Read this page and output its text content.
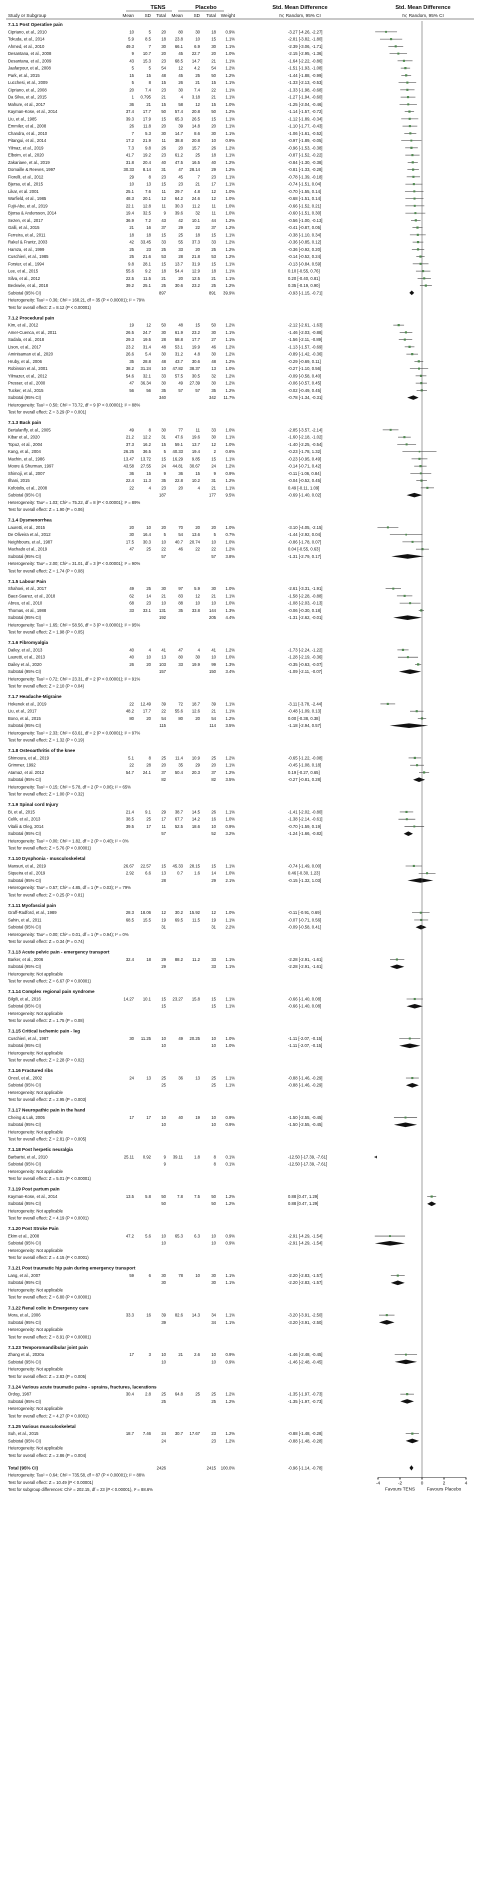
TENS	Placebo	Std. Mean Difference	Std. Mean Difference
Study or Subgroup	Mean SD Total Mean SD Total Weight	IV, Random, 95% CI	IV, Random, 95% CI
7.1.1 Post Operative pain
Cipriano, et al., 2010	10	5 20	80	30	18 0.9%	-3.27 [-4.26, -2.27]
Tokuda, et al., 2014	5.9	8.5 18 23.8	10	15 1.1%	-2.81 [-3.82, -1.80]
Ahmed, et al., 2010	49.3	7 30 66.1	6.9	30 1.1%	-2.39 [-3.06, -1.71]
Desantana, et al., 2008	9 10.7 20	45 22.7	20 1.0%	-2.15 [-2.95, -1.36]
Desantana, et al., 2009	43 15.3 23 68.5 14.7	21 1.1%	-1.64 [-2.22, -0.86]
Jaafarpour, et al., 2008	5	5 54	12	4.2	54 1.2%	-1.51 [-1.93, -1.08]
Park, et al., 2015	15	15 48	45	25	50 1.2%	-1.44 [-1.88, -0.99]
Lucchesi, et al., 2009	5	8 15	26	21	15 1.1%	-1.33 [-2.13, -0.53]
Cipriano, et al., 2008	20	7.4 23	30	7.4	22 1.1%	-1.33 [-1.98, -0.68]
Da Silva, et al., 2015	1 0.795 21	4 3.18	21 1.1%	-1.27 [-1.94, -0.60]
Mahure, et al., 2017	36	21 15	58	12	15 1.0%	-1.25 [-2.04, -0.46]
Kayman-Kose, et al., 2014	37.4 17.7 50 57.4 20.8	50 1.2%	-1.14 [-1.57, -0.72]
Liu, et al., 1985	39.3 17.9 15 65.3 26.5	15 1.1%	-1.12 [-1.89, -0.34]
Emmiler, et al., 2008	26 11.8 20	39 14.8	20 1.1%	-1.10 [-1.77, -0.43]
Chandra, et al., 2010	7	5.3 30 14.7	8.6	30 1.1%	-1.06 [-1.61, -0.52]
Pitangui, et al., 2014	17.2 21.9	11 38.8 20.8	10 0.9%	-0.97 [-1.89, -0.05]
Yilmaz, et al., 2019	7.3	9.8 26	20 15.7	26 1.2%	-0.96 [-1.53, -0.38]
Elboim, et al., 2020	41.7 19.2 23 61.2	25	18 1.1%	-0.87 [-1.52, -0.22]
Zakariaee, et al., 2019	31.8 20.4 40 47.5 16.5	40 1.2%	-0.84 [-1.30, -0.38]
Domaille & Reeves, 1997	30.33 8.14 31	47 28.14	29 1.2%	-0.81 [-1.33, -0.28]
Fiorelli, et al., 2012	29	8 23	45	7	23 1.1%	-0.78 [-1.39, -0.18]
Bjersa, et al., 2015	10	13 15	23	21	17 1.1%	-0.74 [-1.51, 0.04]
Likar, et al. 2001	25.1	7.6	11 29.7	4.8	12 1.0%	-0.70 [-1.55, 0.14]
Warfield, et al., 1985	48.3 20.1 12 64.2 24.6	12 1.0%	-0.68 [-1.51, 0.14]
Fujii-Abe, et al., 2019	22.1 12.8	11 30.3 11.2	11 1.0%	-0.66 [-1.52, 0.21]
Bjorsa & Andersson, 2014	19.4 32.5	9 39.6	32	11 1.0%	-0.60 [-1.51, 0.30]
Sezen, et al., 2017	36.9	7.2 43	42 10.1	44 1.2%	-0.56 [-1.00, -0.13]
Galli, et al., 2015	21	16 37	29	22	37 1.2%	-0.41 [-0.87, 0.05]
Ferreira, et al., 2011	18	18 15	25	18	15 1.1%	-0.38 [-1.10, 0.34]
Rakel & Frantz, 2003	42 33.45 33	55 37.3	33 1.2%	-0.36 [-0.85, 0.12]
Hamza, et al., 1999	25	23 25	33	20	25 1.2%	-0.36 [-0.92, 0.20]
Cuschieri, et al., 1985	25 21.6 53	28 21.8	53 1.2%	-0.14 [-0.52, 0.24]
Forster, et al., 1994	9.8 28.1 15 13.7 31.9	15 1.1%	-0.13 [-0.84, 0.59]
Lee, et al., 2015	55.6	9.2 18 54.4 12.9	18 1.1%	0.10 [-0.55, 0.76]
Silva, et al., 2012	22.5 11.5 21	20 12.5	21 1.1%	0.20 [-0.40, 0.81]
Beckwée, et al., 2018	39.2 25.1 25 30.6 23.2	25 1.2%	0.35 [-0.19, 0.90]
Subtotal (95% CI)	897	891 39.9%	-0.93 [-1.15, -0.71]
Heterogeneity: Tau² = 0.36; Chi² = 168.21, df = 35 (P < 0.00001); I² = 79%
Test for overall effect: Z = 8.12 (P < 0.00001)
7.1.2 Procedural pain
Kim, et al., 2012	19	12 50	48	15	50 1.2%	-2.12 [-2.61, -1.63]
Amer-Cuenca, et al., 2011	26.5 24.7 30 61.9 23.2	30 1.1%	-1.46 [-2.03, -0.88]
Sadala, et al., 2018	29.3 19.5 28 58.8 17.7	27 1.1%	-1.56 [-2.11, -0.89]
Lison, et al., 2017	23.2 31.4 48 53.1 19.9	46 1.2%	-1.13 [-1.57, -0.69]
Aminisaman et al., 2020	26.6	5.4 30 31.2	4.8	30 1.2%	-0.89 [-1.42, -0.36]
Hruby, et al., 2006	35 28.8 48 43.7 30.6	48 1.2%	-0.29 [-0.69, 0.11]
Robinson et al., 2001	38.2 31.24 10 47.82 38.37	13 1.0%	-0.27 [-1.10, 0.56]
Yilmazer, et al., 2012	54.6 32.1 33 57.5 30.5	32 1.2%	-0.09 [-0.58, 0.40]
Presser, et al., 2000	47 36.34 30	49 27.39	30 1.2%	-0.06 [-0.57, 0.45]
Tucker, et al., 2015	56	56 35	57	57	35 1.2%	-0.02 [-0.49, 0.45]
Subtotal (95% CI)	340	342 11.7%	-0.78 [-1.34, -0.31]
Heterogeneity: Tau² = 0.50; Chi² = 73.72, df = 9 (P < 0.00001); I² = 88%
Test for overall effect: Z = 3.29 (P = 0.001)
7.1.3 Back pain
Bertalanffy, et al., 2005	49	8 30	77	11	33 1.0%	-2.85 [-3.57, -2.14]
Kibar et al., 2020	21.2 12.2 31 47.6 19.6	30 1.1%	-1.60 [-2.18, -1.02]
Topuz, et al., 2004	37.3 16.2 15 59.1 13.7	12 1.0%	-1.40 [-2.25, -0.54]
Kang, et al., 2004	26.25 36.5	5 40.33 19.4	2 0.6%	-0.23 [-1.78, 1.32]
Machin, et al., 1986	13.47 13.72 15 16.29 9.85	15 1.1%	-0.23 [-0.95, 0.49]
Moore & Shurman, 1997	43.58 27.55 24 44.81 30.67	24 1.2%	-0.14 [-0.71, 0.42]
Shimoji, et al., 2007	36	15	9	36	15	9 0.9%	-0.11 [-1.06, 0.84]
Ilhani, 2015	22.4 11.3 35 22.8 10.2	31 1.2%	-0.04 [-0.52, 0.45]
Kofotolis, et al., 2008	22	4 23	20	4	21 1.1%	0.49 [-0.11, 1.09]
Subtotal (95% CI)	187	177 9.5%	-0.69 [-1.40, 0.02]
Heterogeneity: Tau² = 1.03; Chi² = 75.22, df = 8 (P < 0.00001); I² = 89%
Test for overall effect: Z = 1.90 (P = 0.06)
7.1.4 Dysmenorrhea
Lauretti, et al., 2015	20	10 20	70	20	20 1.0%	-3.10 [-4.05, -2.15]
De Oliveira et al., 2012	30 16.4	5	54 13.6	5 0.7%	-1.44 [-2.92, 0.04]
Neighbours, et al., 1987	17.5 30.3 10 40.7 20.74	10 1.0%	-0.86 [-1.78, 0.07]
Machado et al., 2019	47	25 22	46	22	22 1.2%	0.04 [-0.55, 0.63]
Subtotal (95% CI)	57	57 3.8%	-1.31 [-2.79, 0.17]
Heterogeneity: Tau² = 2.00; Chi² = 31.01, df = 3 (P < 0.00001); I² = 90%
Test for overall effect: Z = 1.74 (P = 0.08)
7.1.5 Labour Pain
Shahoei, et al., 2017	49	25 30	97	5.9	30 1.0%	-2.61 [-3.31, -1.91]
Baez-Suarez, et al., 2018	62	14 21	83	12	21 1.1%	-1.58 [-2.28, -0.88]
Abreu, et al., 2010	68	23 10	88	10	10 1.0%	-1.08 [-2.03, -0.13]
Thomas, et al., 1988	33 33.1 131	35 33.8 144 1.3%	-0.06 [-0.30, 0.18]
Subtotal (95% CI)	192	205 4.4%	-1.31 [-2.62, -0.01]
Heterogeneity: Tau² = 1.65; Chi² = 58.56, df = 3 (P < 0.00001); I² = 95%
Test for overall effect: Z = 1.98 (P = 0.05)
7.1.6 Fibromyalgia
Dailey, et al., 2013	40	4 41	47	4	41 1.2%	-1.73 [-2.24, -1.22]
Lauretti, et al., 2013	40	10 13	80	30	10 1.0%	-1.28 [-2.19, -0.36]
Dailey et al., 2020	26	20 103	33 19.9	99 1.3%	-0.35 [-0.63, -0.07]
Subtotal (95% CI)	157	150 3.4%	-1.09 [-2.11, -0.07]
Heterogeneity: Tau² = 0.72; Chi² = 23.31, df = 2 (P < 0.00001); I² = 91%
Test for overall effect: Z = 2.10 (P = 0.04)
7.1.7 Headache-Migraine
Hokenek et al., 2019	22 12.49 39	72 18.7	39 1.1%	-3.11 [-3.78, -2.44]
Liu, et al., 2017	48.2 17.7 22 55.6 12.6	21 1.1%	-0.48 [-1.09, 0.13]
Bono, et al., 2015	80	20 54	80	20	54 1.2%	0.00 [-0.38, 0.38]
Subtotal (95% CI)	115	114 3.5%	-1.18 [-2.94, 0.57]
Heterogeneity: Tau² = 2.33; Chi² = 63.61, df = 2 (P < 0.00001); I² = 97%
Test for overall effect: Z = 1.32 (P = 0.19)
7.1.8 Osteoarthritis of the knee
Shimoura, et al., 2019	5.1	8 25 11.4 10.9	25 1.2%	-0.65 [-1.22, -0.08]
Grimmer, 1992	22	28 20	35	29	20 1.1%	-0.45 [-1.08, 0.18]
Atamaz, et al. 2012	54.7 24.1 37 50.4 20.3	37 1.2%	0.19 [-0.27, 0.65]
Subtotal (95% CI)	82	82 3.5%	-0.27 [-0.81, 0.28]
Heterogeneity: Tau² = 0.15; Chi² = 5.78, df = 2 (P = 0.06); I² = 65%
Test for overall effect: Z = 1.00 (P = 0.32)
7.1.9 Spinal cord Injury
Bi, et al., 2015	21.4	9.1 29 38.7 14.5	26 1.1%	-1.41 [-2.02, -0.80]
Celik, et al., 2013	38.5	25 17 67.7 14.2	16 1.0%	-1.38 [-2.14, -0.61]
Vitalii & Oleg, 2014	39.5	17	11 52.5 18.6	10 0.9%	-0.70 [-1.59, 0.19]
Subtotal (95% CI)	57	52 3.2%	-1.24 [-1.66, -0.82]
Heterogeneity: Tau² = 0.00; Chi² = 1.82, df = 2 (P = 0.40); I² = 0%
Test for overall effect: Z = 5.76 (P < 0.00001)
7.1.10 Dysphonia - musculoskeletal
Mansuri, et al., 2019	26.67 22.57 15 45.33 28.15	15 1.1%	-0.74 [-1.49, 0.00]
Siqueira et al., 2019	2.92	6.6 13	0.7	1.6	14 1.0%	0.46 [-0.30, 1.23]
Subtotal (95% CI)	28	29 2.1%	-0.15 [-1.32, 1.03]
Heterogeneity: Tau² = 0.57; Chi² = 4.85, df = 1 (P = 0.03); I² = 79%
Test for overall effect: Z = 0.25 (P = 0.81)
7.1.11 Myofascial pain
Graff-Radford, et al., 1989	28.3 18.06 12 30.2 15.92	12 1.0%	-0.11 [-0.91, 0.69]
Sahin, et al., 2011	68.5 15.5 19 69.5 11.5	19 1.1%	-0.07 [-0.71, 0.56]
Subtotal (95% CI)	31	31 2.2%	-0.09 [-0.58, 0.41]
Heterogeneity: Tau² = 0.00; Chi² = 0.01, df = 1 (P = 0.94); I² = 0%
Test for overall effect: Z = 0.34 (P = 0.74)
7.1.13 Acute pelvic pain - emergency transport
Barker, et al., 2006	32.4	18 29 88.2 11.2	33 1.1%	-2.28 [-2.91, -1.61]
Subtotal (95% CI)	29	33 1.1%	-2.28 [-2.91, -1.61]
Heterogeneity: Not applicable
Test for overall effect: Z = 6.67 (P < 0.00001)
7.1.14 Complex regional pain syndrome
Bilgili, et al., 2016	14.27 10.1 15 23.27 15.8	15 1.1%	-0.66 [-1.40, 0.08]
Subtotal (95% CI)	15	15 1.1%	-0.66 [-1.40, 0.08]
Heterogeneity: Not applicable
Test for overall effect: Z = 1.75 (P = 0.08)
7.1.15 Critical ischemic pain - leg
Cuschieri, et al., 1987	30 11.25 10	49 20.25	10 1.0%	-1.11 [-2.07, -0.15]
Subtotal (95% CI)	10	10 1.0%	-1.11 [-2.07, -0.15]
Heterogeneity: Not applicable
Test for overall effect: Z = 2.28 (P = 0.02)
7.1.16 Fractured ribs
Oncel, et al., 2002	24	13 25	36	13	25 1.1%	-0.88 [-1.46, -0.29]
Subtotal (95% CI)	25	25 1.1%	-0.88 [-1.46, -0.29]
Heterogeneity: Not applicable
Test for overall effect: Z = 2.95 (P = 0.003)
7.1.17 Neuropathic pain in the hand
Cheing & Luk, 2005	17	17 10	40	19	10 0.9%	-1.50 [-2.55, -0.45]
Subtotal (95% CI)	10	10 0.9%	-1.50 [-2.55, -0.45]
Heterogeneity: Not applicable
Test for overall effect: Z = 2.81 (P = 0.005)
7.1.18 Post herpetic neuralgia
Barbarisi, et al., 2010	25.11 0.92	9 39.11	1.8	8 0.1%	-12.50 [-17.39, -7.61]
Subtotal (95% CI)	9	8 0.1%	-12.50 [-17.39, -7.61]
Heterogeneity: Not applicable
Test for overall effect: Z = 5.01 (P < 0.00001)
7.1.19 Post partum pain
Kayman-Kose, et al., 2014	13.5	5.8 50	7.8	7.5	50 1.2%	0.88 [0.47, 1.29]
Subtotal (95% CI)	50	50 1.2%	0.88 [0.47, 1.29]
Heterogeneity: Not applicable
Test for overall effect: Z = 4.19 (P < 0.0001)
7.1.20 Post Stroke Pain
Ekim et al., 2008	47.2	5.6 10 65.3	6.3	10 0.9%	-2.91 [-4.29, -1.54]
Subtotal (95% CI)	10	10 0.9%	-2.91 [-4.29, -1.54]
Heterogeneity: Not applicable
Test for overall effect: Z = 4.15 (P < 0.0001)
7.1.21 Post traumatic hip pain during emergency transport
Lang, et al., 2007	59	6 30	78	10	30 1.1%	-2.20 [-2.83, -1.57]
Subtotal (95% CI)	30	30 1.1%	-2.20 [-2.83, -1.57]
Heterogeneity: Not applicable
Test for overall effect: Z = 6.80 (P < 0.00001)
7.1.22 Renal colic in Emergency care
Mora, et al., 2006	33.3	16 39 82.6 14.3	34 1.1%	-3.20 [-3.91, -2.50]
Subtotal (95% CI)	39	34 1.1%	-3.20 [-3.91, -2.50]
Heterogeneity: Not applicable
Test for overall effect: Z = 8.91 (P < 0.00001)
7.1.23 Temporomandibular joint pain
Zhang et al., 2020a	17	3 10	21	2.6	10 0.9%	-1.46 [-2.48, -0.45]
Subtotal (95% CI)	10	10 0.9%	-1.46 [-2.48, -0.45]
Heterogeneity: Not applicable
Test for overall effect: Z = 2.83 (P = 0.005)
7.1.24 Various acute traumatic pains - sprains, fractures, lacerations
Ordog, 1987	30.4	2.8 25 64.8	25	25 1.2%	-1.35 [-1.97, -0.73]
Subtotal (95% CI)	25	25 1.2%	-1.35 [-1.97, -0.73]
Heterogeneity: Not applicable
Test for overall effect: Z = 4.27 (P < 0.0001)
7.1.25 Various musculoskeletal
Suh, et al., 2015	18.7 7.46 24 30.7 17.67	23 1.2%	-0.88 [-1.48, -0.28]
Subtotal (95% CI)	24	23 1.2%	-0.88 [-1.48, -0.28]
Heterogeneity: Not applicable
Test for overall effect: Z = 2.86 (P = 0.004)
Total (95% CI)	2426	2415 100.0%	-0.96 [-1.14, -0.78]
Heterogeneity: Tau² = 0.64; Chi² = 735.58, df = 87 (P < 0.00001); I² = 88%
Test for overall effect: Z = 10.49 (P < 0.00001)
Test for subgroup differences: Chi² = 202.15, df = 23 (P < 0.00001), I² = 88.6%
-4	-2	0	2	4
Favours TENS	Favours Placebo
